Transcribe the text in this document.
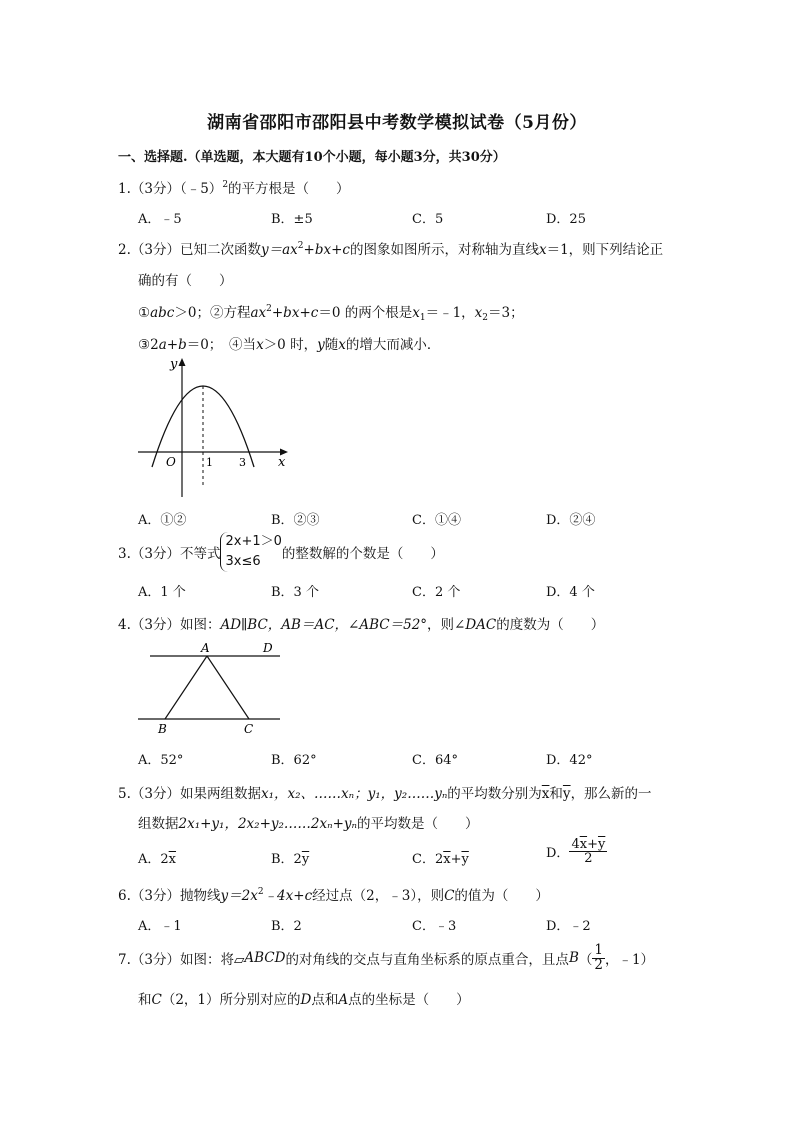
湖南省邵阳市邵阳县中考数学模拟试卷（5月份）
一、选择题.（单选题，本大题有10个小题，每小题3分，共30分）
1.（3分）（﹣5）$^2$的平方根是（　　）
A．﹣5	B．±5	C．5	D．25
2.（3分）已知二次函数$y=ax^2+bx+c$的图象如图所示，对称轴为直线x＝1，则下列结论正
确的有（　　）
①abc＞0；②方程$ax^2+bx+c=0$ 的两个根是$x_1=﹣1$，$x_2=3$；
③2a+b＝0；　④当x＞0 时，y随x的增大而减小．
y
x
O	1 3
A．①②	B．②③	C．①④	D．②④
3.（3分）不等式
2x+1＞0
3x≤6	的整数解的个数是（　　）
A．1 个	B．3 个	C．2 个	D．4 个
4.（3分）如图：AD∥BC，AB＝AC，∠ABC＝52°，则∠DAC的度数为（　　）
A	D
B	C
A．52°	B．62°	C．64°	D．42°
5.（3分）如果两组数据x₁，x₂、……xₙ；y₁，y₂……yₙ的平均数分别为$\overline{x}$和$\overline{y}$，那么新的一
组数据2x₁+y₁，2x₂+y₂……2xₙ+yₙ的平均数是（　　）
A．$2\overline{x}$	B．$2\overline{y}$	C．$2\overline{x}+\overline{y}$	D． $\frac{4\overline{x}+\overline{y}}{2}$
6.（3分）抛物线$y=2x^2﹣4x+c$经过点（2，﹣3），则C的值为（　　）
A．﹣1	B．2	C．﹣3	D．﹣2
7.（3分）如图：将▱ABCD的对角线的交点与直角坐标系的原点重合，且点$B( \frac{1}{2}$ ，﹣1）
和C（2，1）所分别对应的D点和A点的坐标是（　　）
